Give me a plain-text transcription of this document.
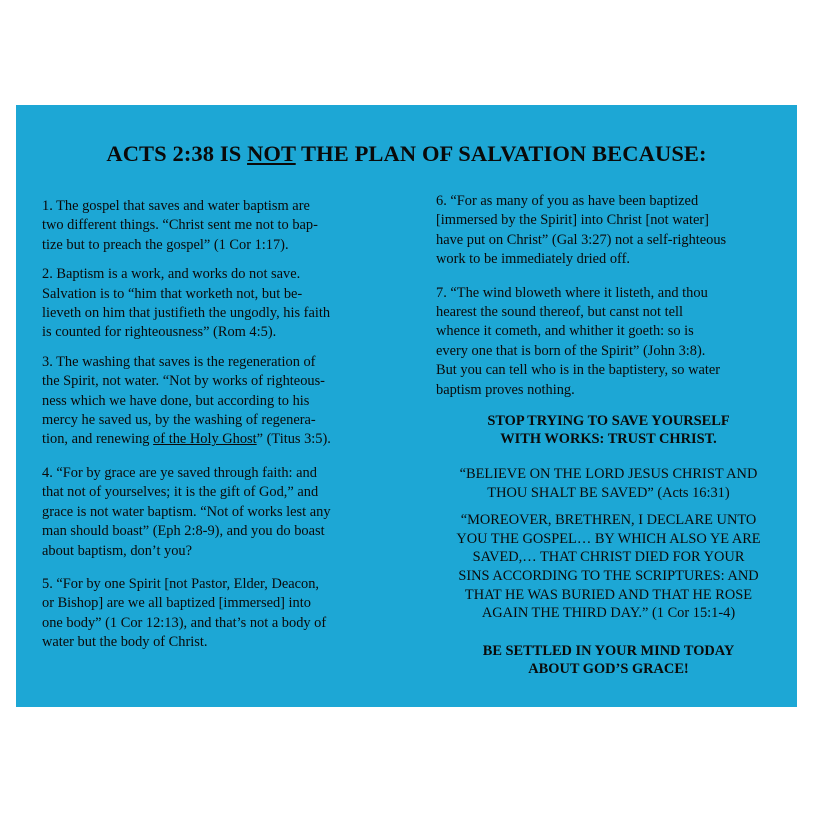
ACTS 2:38 IS NOT THE PLAN OF SALVATION BECAUSE:

1. The gospel that saves and water baptism are
two different things. “Christ sent me not to bap-
tize but to preach the gospel” (1 Cor 1:17).

2. Baptism is a work, and works do not save.
Salvation is to “him that worketh not, but be-
lieveth on him that justifieth the ungodly, his faith
is counted for righteousness” (Rom 4:5).

3. The washing that saves is the regeneration of
the Spirit, not water. “Not by works of righteous-
ness which we have done, but according to his
mercy he saved us, by the washing of regenera-
tion, and renewing of the Holy Ghost” (Titus 3:5).

4. “For by grace are ye saved through faith: and
that not of yourselves; it is the gift of God,” and
grace is not water baptism. “Not of works lest any
man should boast” (Eph 2:8-9), and you do boast
about baptism, don’t you?

5. “For by one Spirit [not Pastor, Elder, Deacon,
or Bishop] are we all baptized [immersed] into
one body” (1 Cor 12:13), and that’s not a body of
water but the body of Christ.

6. “For as many of you as have been baptized
[immersed by the Spirit] into Christ [not water]
have put on Christ” (Gal 3:27) not a self-righteous
work to be immediately dried off.

7. “The wind bloweth where it listeth, and thou
hearest the sound thereof, but canst not tell
whence it cometh, and whither it goeth: so is
every one that is born of the Spirit” (John 3:8).
But you can tell who is in the baptistery, so water
baptism proves nothing.

STOP TRYING TO SAVE YOURSELF
WITH WORKS: TRUST CHRIST.

“BELIEVE ON THE LORD JESUS CHRIST AND
THOU SHALT BE SAVED” (Acts 16:31)

“MOREOVER, BRETHREN, I DECLARE UNTO
YOU THE GOSPEL… BY WHICH ALSO YE ARE
SAVED,… THAT CHRIST DIED FOR YOUR
SINS ACCORDING TO THE SCRIPTURES: AND
THAT HE WAS BURIED AND THAT HE ROSE
AGAIN THE THIRD DAY.” (1 Cor 15:1-4)

BE SETTLED IN YOUR MIND TODAY
ABOUT GOD’S GRACE!
